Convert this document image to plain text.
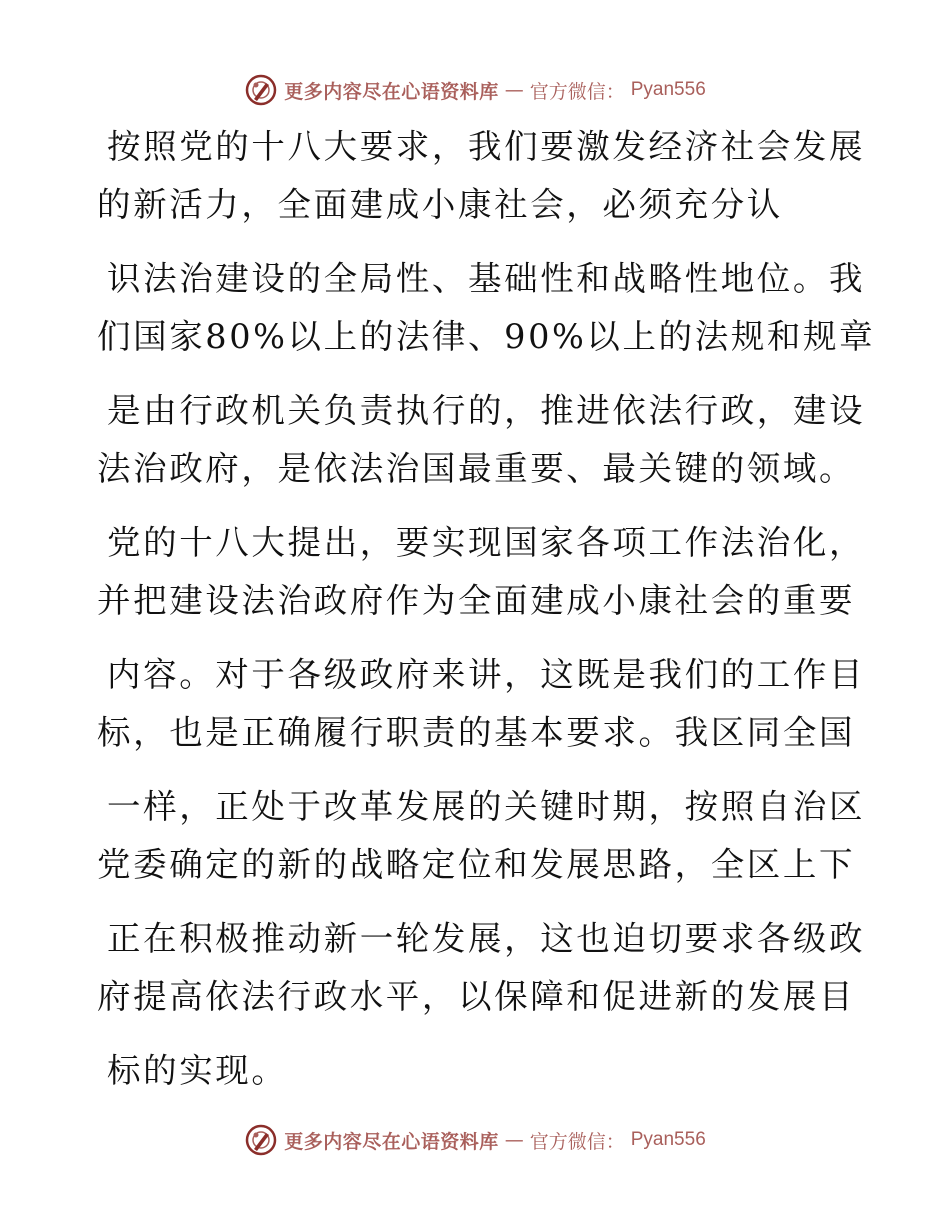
更多内容尽在心语资料库 — 官方微信： Pyan556
按照党的十八大要求，我们要激发经济社会发展
的新活力，全面建成小康社会，必须充分认
识法治建设的全局性、基础性和战略性地位。我
们国家80%以上的法律、90%以上的法规和规章
是由行政机关负责执行的，推进依法行政，建设
法治政府，是依法治国最重要、最关键的领域。
党的十八大提出，要实现国家各项工作法治化，
并把建设法治政府作为全面建成小康社会的重要
内容。对于各级政府来讲，这既是我们的工作目
标，也是正确履行职责的基本要求。我区同全国
一样，正处于改革发展的关键时期，按照自治区
党委确定的新的战略定位和发展思路，全区上下
正在积极推动新一轮发展，这也迫切要求各级政
府提高依法行政水平，以保障和促进新的发展目
标的实现。
更多内容尽在心语资料库 — 官方微信： Pyan556
